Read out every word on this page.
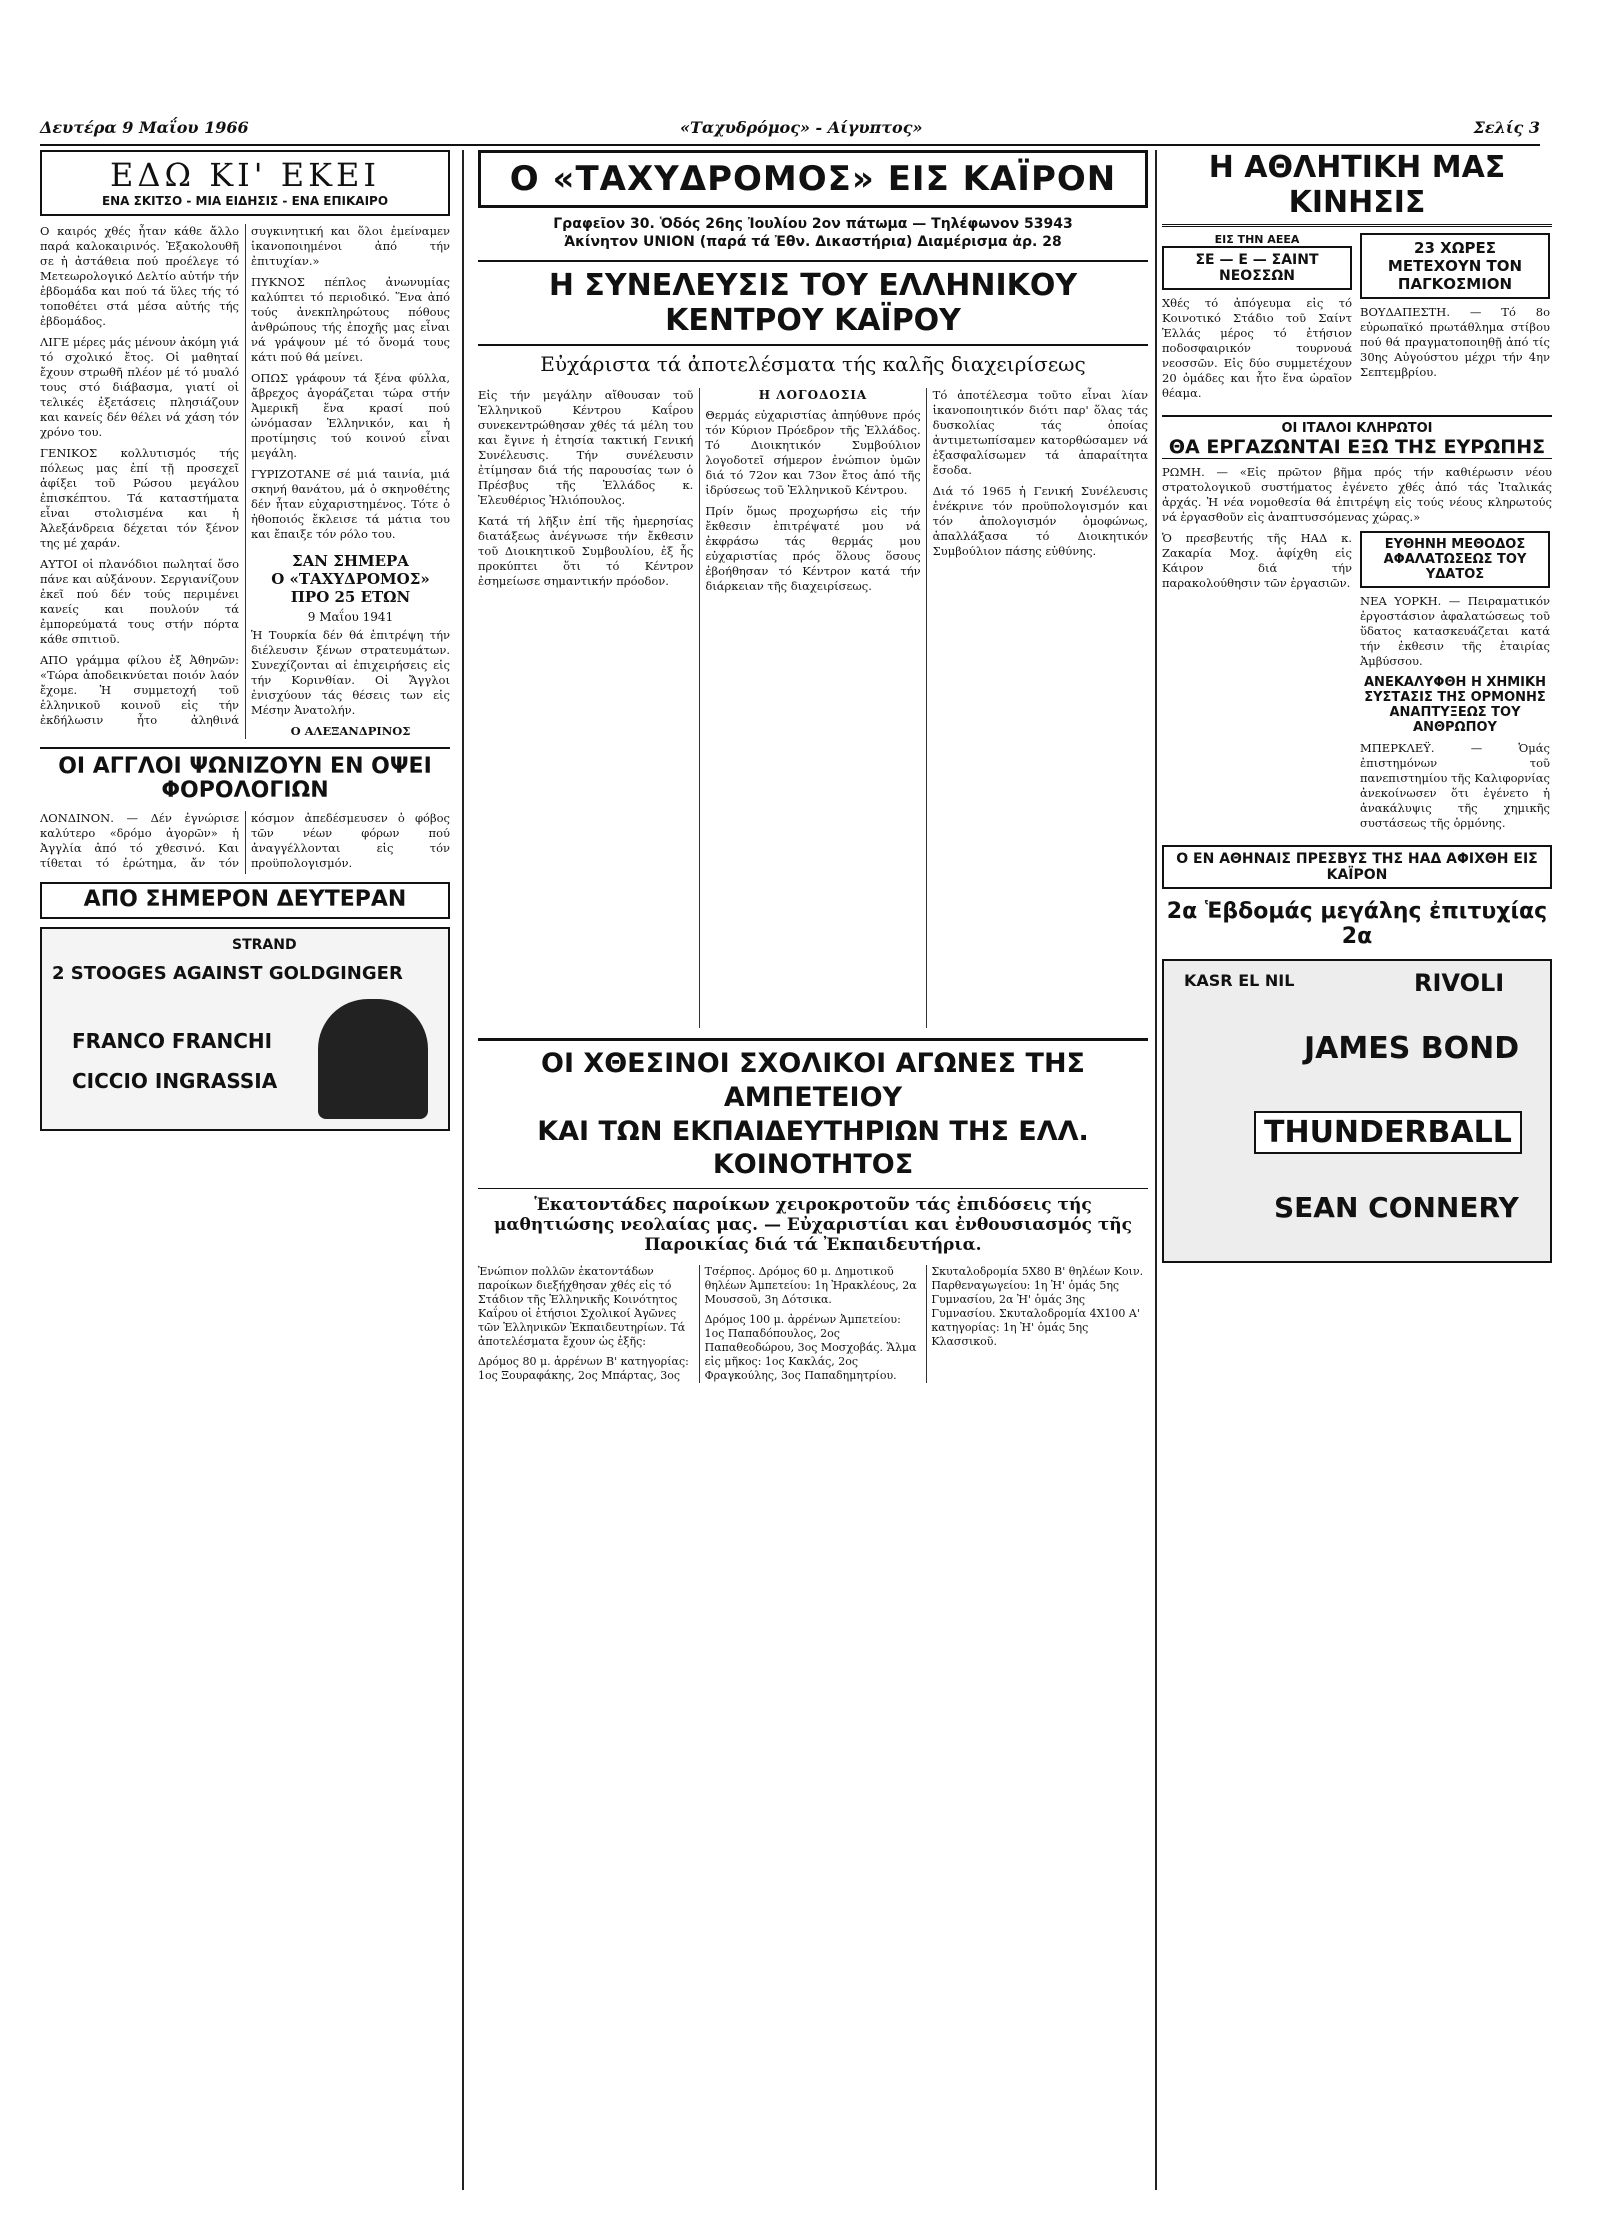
Δευτέρα 9 Μαΐου 1966	«Ταχυδρόμος» - Αίγυπτος»	Σελίς 3
ΕΔΩ ΚΙ' ΕΚΕΙ
ΕΝΑ ΣΚΙΤΣΟ - ΜΙΑ ΕΙΔΗΣΙΣ - ΕΝΑ ΕΠΙΚΑΙΡΟ

Ο καιρός χθές ἦταν κάθε ἄλλο παρά καλοκαιρινός. Ἐξακολουθῆ σε ἡ ἀστάθεια πού προέλεγε τό Μετεωρολογικό Δελτίο αὐτήν τήν ἑβδομάδα και πού τά ὕλες τής τό τοποθέτει στά μέσα αὐτής τής ἑβδομάδος.

ΛΙΓΕ μέρες μάς μένουν ἀκόμη γιά τό σχολικό ἔτος. Οἱ μαθηταί ἔχουν στρωθῆ πλέον μέ τό μυαλό τους στό διάβασμα, γιατί οἱ τελικές ἐξετάσεις πλησιάζουν και κανείς δέν θέλει νά χάση τόν χρόνο του.

ΓΕΝΙΚΟΣ κολλυτισμός τής πόλεως μας ἐπί τῇ προσεχεῖ ἀφίξει τοῦ Ρώσου μεγάλου ἐπισκέπτου. Τά καταστήματα εἶναι στολισμένα και ἡ Ἀλεξάνδρεια δέχεται τόν ξένον της μέ χαράν.

ΑΥΤΟΙ οἱ πλανόδιοι πωληταί ὅσο πάνε και αὐξάνουν. Σεργιανίζουν ἐκεῖ πού δέν τούς περιμένει κανείς και πουλούν τά ἐμπορεύματά τους στήν πόρτα κάθε σπιτιοῦ.

ΑΠΟ γράμμα φίλου ἐξ Ἀθηνῶν: «Τώρα ἀποδεικνύεται ποιόν λαόν ἔχομε. Ἡ συμμετοχή τοῦ ἑλληνικοῦ κοινοῦ εἰς τήν ἐκδήλωσιν ἦτο ἀληθινά συγκινητική και ὅλοι ἐμείναμεν ἰκανοποιημένοι ἀπό τήν ἐπιτυχίαν.»

ΠΥΚΝΟΣ πέπλος ἀνωνυμίας καλύπτει τό περιοδικό. Ἕνα ἀπό τούς ἀνεκπληρώτους πόθους ἀνθρώπους τής ἐποχῆς μας εἶναι νά γράψουν μέ τό ὄνομά τους κάτι πού θά μείνει.

ΟΠΩΣ γράφουν τά ξένα φύλλα, ἄβρεχος ἀγοράζεται τώρα στήν Ἀμερικῆ ἕνα κρασί πού ὠνόμασαν Ἑλληνικόν, και ἡ προτίμησις τού κοινού εἶναι μεγάλη.

ΓΥΡΙΖΟΤΑΝΕ σέ μιά ταινία, μιά σκηνή θανάτου, μά ὁ σκηνοθέτης δέν ἦταν εὐχαριστημένος. Τότε ὁ ἡθοποιός ἔκλεισε τά μάτια του και ἔπαιξε τόν ρόλο του.

ΣΑΝ ΣΗΜΕΡΑ
Ο «ΤΑΧΥΔΡΟΜΟΣ»
ΠΡΟ 25 ΕΤΩΝ
9 Μαΐου 1941

Ἡ Τουρκία δέν θά ἐπιτρέψη τήν διέλευσιν ξένων στρατευμάτων. Συνεχίζονται αἱ ἐπιχειρήσεις εἰς τήν Κορινθίαν. Οἱ Ἄγγλοι ἐνισχύουν τάς θέσεις των εἰς Μέσην Ἀνατολήν.

Ο ΑΛΕΞΑΝΔΡΙΝΟΣ

ΟΙ ΑΓΓΛΟΙ ΨΩΝΙΖΟΥΝ ΕΝ ΟΨΕΙ ΦΟΡΟΛΟΓΙΩΝ

ΛΟΝΔΙΝΟΝ. — Δέν ἐγνώρισε καλύτερο «δρόμο ἀγορῶν» ἡ Ἀγγλία ἀπό τό χθεσινό. Και τίθεται τό ἐρώτημα, ἄν τόν κόσμον ἀπεδέσμευσεν ὁ φόβος τῶν νέων φόρων πού ἀναγγέλλονται εἰς τόν προϋπολογισμόν.

ΑΠΟ ΣΗΜΕΡΟΝ ΔΕΥΤΕΡΑΝ
STRAND
2 STOOGES AGAINST GOLDGINGER
FRANCO FRANCHI
CICCIO INGRASSIA
Ο «ΤΑΧΥΔΡΟΜΟΣ» ΕΙΣ ΚΑΪΡΟΝ
Γραφεῖον 30. Ὁδός 26ης Ἰουλίου 2ον πάτωμα — Τηλέφωνον 53943
Ἀκίνητον UNION (παρά τά Ἐθν. Δικαστήρια) Διαμέρισμα ἀρ. 28
Η ΣΥΝΕΛΕΥΣΙΣ ΤΟΥ ΕΛΛΗΝΙΚΟΥ ΚΕΝΤΡΟΥ ΚΑΪΡΟΥ
Εὐχάριστα τά ἀποτελέσματα τής καλῆς διαχειρίσεως

Εἰς τήν μεγάλην αἴθουσαν τοῦ Ἑλληνικοῦ Κέντρου Καΐρου συνεκεντρώθησαν χθές τά μέλη του και ἔγινε ἡ ἐτησία τακτική Γενική Συνέλευσις. Τήν συνέλευσιν ἐτίμησαν διά τής παρουσίας των ὁ Πρέσβυς τῆς Ἑλλάδος κ. Ἐλευθέριος Ἠλιόπουλος.

Κατά τή λῆξιν ἐπί τῆς ἡμερησίας διατάξεως ἀνέγνωσε τήν ἔκθεσιν τοῦ Διοικητικοῦ Συμβουλίου, ἐξ ἧς προκύπτει ὅτι τό Κέντρον ἐσημείωσε σημαντικήν πρόοδον.

Η ΛΟΓΟΔΟΣΙΑ

Θερμάς εὐχαριστίας ἀπηύθυνε πρός τόν Κύριον Πρόεδρον τῆς Ἑλλάδος. Τό Διοικητικόν Συμβούλιον λογοδοτεῖ σήμερον ἐνώπιον ὑμῶν διά τό 72ον και 73ον ἔτος ἀπό τῆς ἱδρύσεως τοῦ Ἑλληνικοῦ Κέντρου.

Πρίν ὅμως προχωρήσω εἰς τήν ἔκθεσιν ἐπιτρέψατέ μου νά ἐκφράσω τάς θερμάς μου εὐχαριστίας πρός ὅλους ὅσους ἐβοήθησαν τό Κέντρον κατά τήν διάρκειαν τῆς διαχειρίσεως.

Τό ἀποτέλεσμα τοῦτο εἶναι λίαν ἱκανοποιητικόν διότι παρ' ὅλας τάς δυσκολίας τάς ὁποίας ἀντιμετωπίσαμεν κατορθώσαμεν νά ἐξασφαλίσωμεν τά ἀπαραίτητα ἔσοδα.

Διά τό 1965 ἡ Γενική Συνέλευσις ἐνέκρινε τόν προϋπολογισμόν και τόν ἀπολογισμόν ὁμοφώνως, ἀπαλλάξασα τό Διοικητικόν Συμβούλιον πάσης εὐθύνης.

ΟΙ ΧΘΕΣΙΝΟΙ ΣΧΟΛΙΚΟΙ ΑΓΩΝΕΣ ΤΗΣ ΑΜΠΕΤΕΙΟΥ
ΚΑΙ ΤΩΝ ΕΚΠΑΙΔΕΥΤΗΡΙΩΝ ΤΗΣ ΕΛΛ. ΚΟΙΝΟΤΗΤΟΣ
Ἑκατοντάδες παροίκων χειροκροτοῦν τάς ἐπιδόσεις τής μαθητιώσης νεολαίας μας. — Εὐχαριστίαι και ἐνθουσιασμός τῆς Παροικίας διά τά Ἐκπαιδευτήρια.

Ἐνώπιον πολλῶν ἐκατοντάδων παροίκων διεξήχθησαν χθές εἰς τό Στάδιον τῆς Ἑλληνικῆς Κοινότητος Καΐρου οἱ ἐτήσιοι Σχολικοί Ἀγῶνες τῶν Ἑλληνικῶν Ἐκπαιδευτηρίων. Τά ἀποτελέσματα ἔχουν ὡς ἑξῆς:

Δρόμος 80 μ. ἀρρένων Β' κατηγορίας: 1ος Ξουραφάκης, 2ος Μπάρτας, 3ος Τσέρπος. Δρόμος 60 μ. Δημοτικοῦ θηλέων Ἀμπετείου: 1η Ἠρακλέους, 2α Μουσσοῦ, 3η Δότσικα.

Δρόμος 100 μ. ἀρρένων Ἀμπετείου: 1ος Παπαδόπουλος, 2ος Παπαθεοδώρου, 3ος Μοσχοβάς. Ἅλμα εἰς μῆκος: 1ος Κακλάς, 2ος Φραγκούλης, 3ος Παπαδημητρίου.

Σκυταλοδρομία 5Χ80 Β' θηλέων Κοιν. Παρθεναγωγείου: 1η Ἠ' ὁμάς 5ης Γυμνασίου, 2α Ἠ' ὁμάς 3ης Γυμνασίου. Σκυταλοδρομία 4Χ100 Α' κατηγορίας: 1η Ἠ' ὁμάς 5ης Κλασσικοῦ.

Η ΑΘΛΗΤΙΚΗ ΜΑΣ ΚΙΝΗΣΙΣ
ΕΙΣ ΤΗΝ ΑΕΕΑ
ΣΕ — Ε — ΣΑΙΝΤ ΝΕΟΣΣΩΝ

Χθές τό ἀπόγευμα εἰς τό Κοινοτικό Στάδιο τοῦ Σαίντ Ἐλλάς μέρος τό ἐτήσιον ποδοσφαιρικόν τουρνουά νεοσσῶν. Εἰς δύο συμμετέχουν 20 ὁμάδες και ἦτο ἕνα ὡραῖον θέαμα.

23 ΧΩΡΕΣ ΜΕΤΕΧΟΥΝ ΤΟΝ ΠΑΓΚΟΣΜΙΟΝ

ΒΟΥΔΑΠΕΣΤΗ. — Τό 8ο εὐρωπαϊκό πρωτάθλημα στίβου πού θά πραγματοποιηθῇ ἀπό τίς 30ης Αὐγούστου μέχρι τήν 4ην Σεπτεμβρίου.

ΟΙ ΙΤΑΛΟΙ ΚΛΗΡΩΤΟΙ
ΘΑ ΕΡΓΑΖΩΝΤΑΙ ΕΞΩ ΤΗΣ ΕΥΡΩΠΗΣ

ΡΩΜΗ. — «Εἰς πρῶτον βῆμα πρός τήν καθιέρωσιν νέου στρατολογικοῦ συστήματος ἐγένετο χθές ἀπό τάς Ἰταλικάς ἀρχάς. Ἡ νέα νομοθεσία θά ἐπιτρέψη εἰς τούς νέους κληρωτούς νά ἐργασθοῦν εἰς ἀναπτυσσόμενας χώρας.»

Ὁ πρεσβευτής τῆς ΗΑΔ κ. Ζακαρία Μοχ. ἀφίχθη εἰς Κάιρον διά τήν παρακολούθησιν τῶν ἐργασιῶν.

ΕΥΘΗΝΗ ΜΕΘΟΔΟΣ ΑΦΑΛΑΤΩΣΕΩΣ ΤΟΥ ΥΔΑΤΟΣ

ΝΕΑ ΥΟΡΚΗ. — Πειραματικόν ἐργοστάσιον ἀφαλατώσεως τοῦ ὕδατος κατασκευάζεται κατά τήν ἐκθεσιν τῆς ἐταιρίας Ἀμβύσσου.

ΑΝΕΚΑΛΥΦΘΗ Η ΧΗΜΙΚΗ ΣΥΣΤΑΣΙΣ ΤΗΣ ΟΡΜΟΝΗΣ ΑΝΑΠΤΥΞΕΩΣ ΤΟΥ ΑΝΘΡΩΠΟΥ

ΜΠΕΡΚΛΕΫ. — Ὁμάς ἐπιστημόνων τοῦ πανεπιστημίου τῆς Καλιφορνίας ἀνεκοίνωσεν ὅτι ἐγένετο ἡ ἀνακάλυψις τῆς χημικῆς συστάσεως τῆς ὁρμόνης.

Ο ΕΝ ΑΘΗΝΑΙΣ ΠΡΕΣΒΥΣ ΤΗΣ ΗΑΔ ΑΦΙΧΘΗ ΕΙΣ ΚΑΪΡΟΝ
2α Ἑβδομάς μεγάλης ἐπιτυχίας 2α
KASR EL NIL	RIVOLI
JAMES BOND
THUNDERBALL
SEAN CONNERY
